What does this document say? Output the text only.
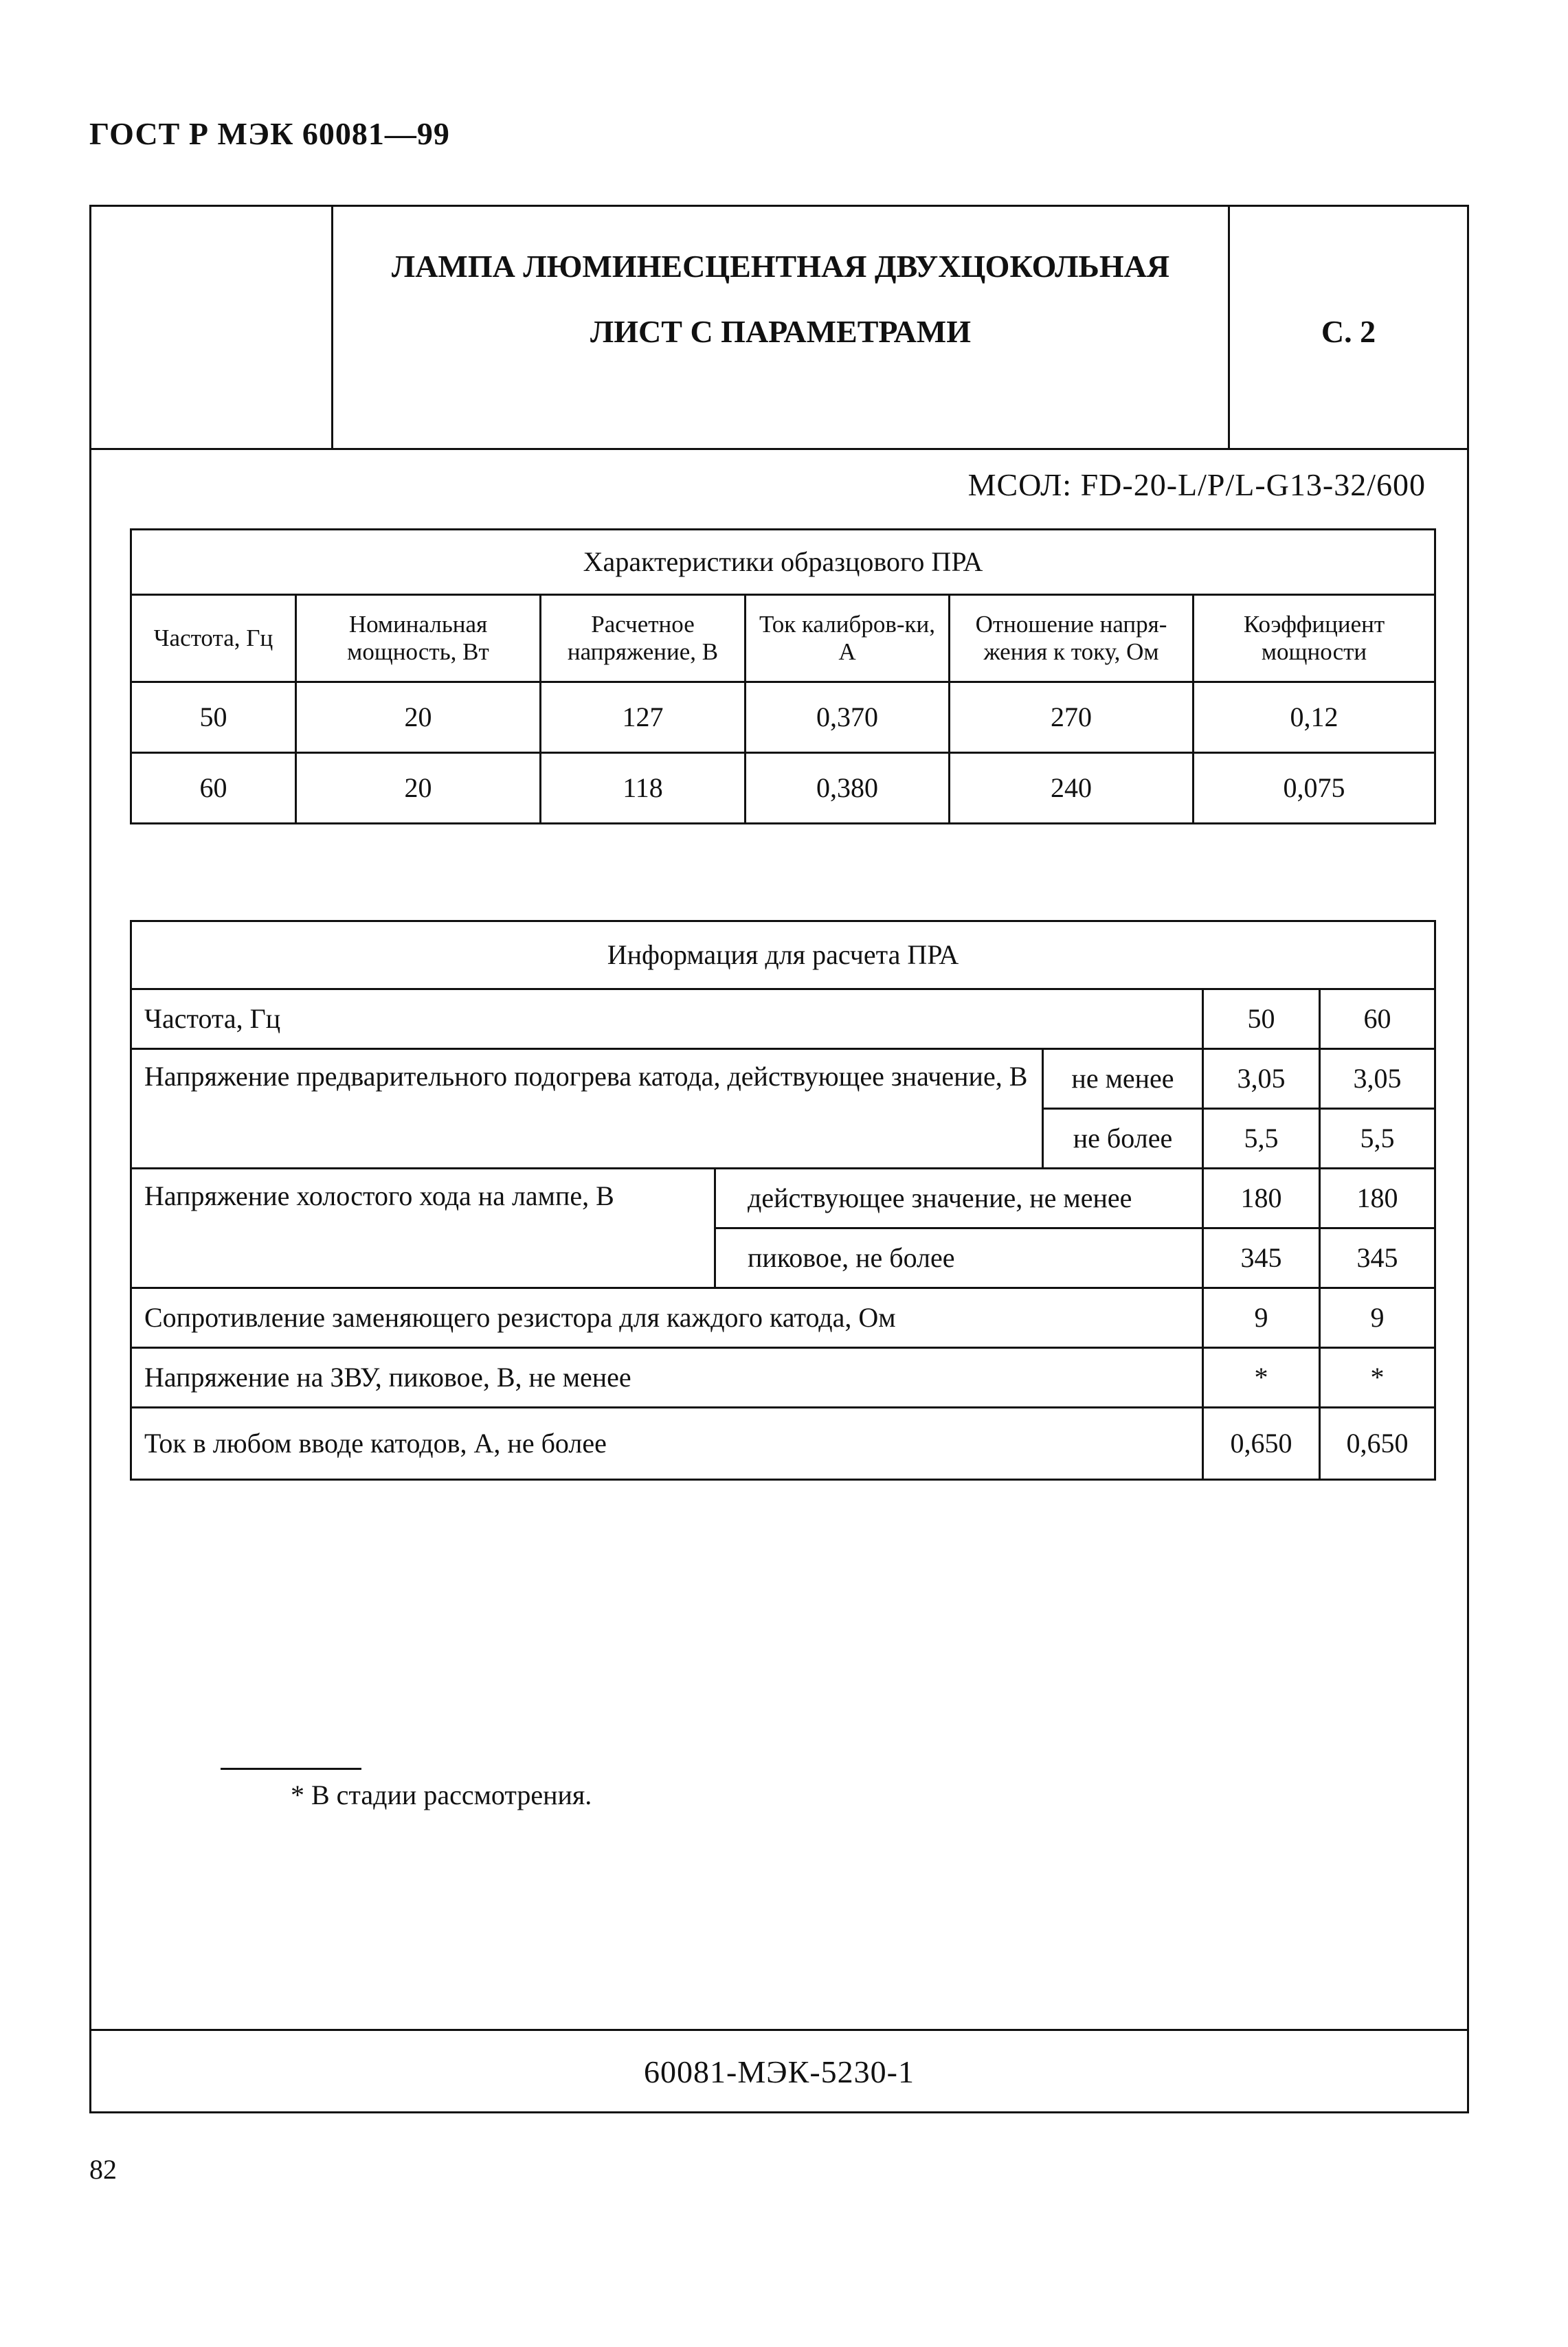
ГОСТ Р МЭК 60081—99
ЛАМПА ЛЮМИНЕСЦЕНТНАЯ ДВУХЦОКОЛЬНАЯ
ЛИСТ С ПАРАМЕТРАМИ	С. 2
МСОЛ: FD-20-L/P/L-G13-32/600
Характеристики образцового ПРА					
Частота, Гц	Номинальная мощность, Вт	Расчетное напряжение, В	Ток калибров-ки, А	Отношение напря-жения к току, Ом	Коэффициент мощности
50	20	127	0,370	270	0,12
60	20	118	0,380	240	0,075
Информация для расчета ПРА				
Частота, Гц			50	60
Напряжение предварительного подогрева катода, действующее значение, В		не менее	3,05	3,05
		не более	5,5	5,5
Напряжение холостого хода на лампе, В	действующее значение, не менее		180	180
	пиковое, не более		345	345
Сопротивление заменяющего резистора для каждого катода, Ом			9	9
Напряжение на ЗВУ, пиковое, В, не менее			*	*
Ток в любом вводе катодов, А, не более			0,650	0,650
* В стадии рассмотрения.
60081-МЭК-5230-1
82
